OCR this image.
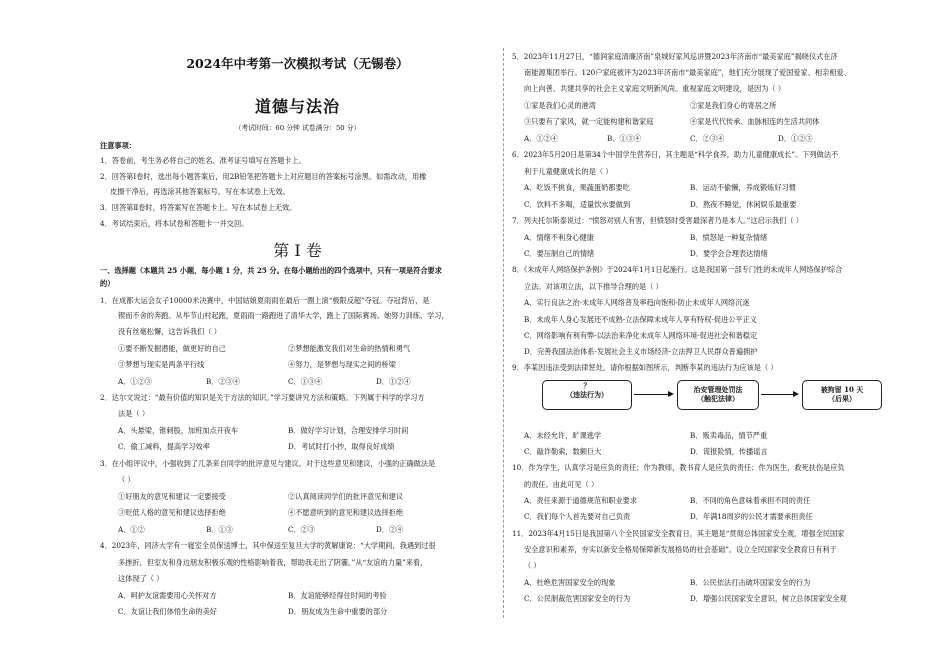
2024年中考第一次模拟考试（无锡卷）
道德与法治
（考试时间：60 分钟 试卷满分：50 分）
注意事项：
1．答卷前，考生务必将自己的姓名、准考证号填写在答题卡上。
2．回答第Ⅰ卷时，选出每小题答案后，用2B铅笔把答题卡上对应题目的答案标号涂黑。如需改动，用橡
皮擦干净后，再选涂其他答案标号。写在本试卷上无效。
3．回答第Ⅱ卷时，将答案写在答题卡上。写在本试卷上无效。
4．考试结束后，将本试卷和答题卡一并交回。
第 Ⅰ 卷
一、选择题（本题共 25 小题，每小题 1 分，共 25 分。在每小题给出的四个选项中，只有一项是符合要求
的）
1．在成都大运会女子10000米决赛中，中国姑娘夏雨雨在最后一圈上演“极限反超”夺冠。夺冠背后，是
锲而不舍的奔跑。从毕节山村起跑，夏雨雨一路跑进了清华大学，跑上了国际赛场。她努力训练、学习，
没有丝毫松懈，这告诉我们（ ）
①要不断发掘潜能，做更好的自己	②梦想能激发我们对生命的热情和勇气
③梦想与现实是两条平行线	④努力，是梦想与现实之间的桥梁
A．①②③	B．②③④	C．①③④	D．①②④
2．达尔文说过：“最有价值的知识是关于方法的知识。”学习要讲究方法和策略。下列属于科学的学习方
法是（ ）
A．头悬梁，锥刺股，加班加点开夜车	B．做好学习计划，合理安排学习时间
C．偷工减料，提高学习效率	D．考试时打小抄，取得良好成绩
3．在小组评议中，小强收到了几条来自同学的批评意见与建议。对于这些意见和建议，小强的正确做法是
（ ）
①好朋友的意见和建议一定要接受	②认真阅读同学们的批评意见和建议
③贬低人格的意见和建议选择拒绝	④不愿意听到的意见和建议选择拒绝
A．①②	B．①③	C．②③	D．②④
4．2023年，同济大学有一寝室全员保送博士，其中保送至复旦大学的黄解康说：“大学期间，我遇到过很
多挫折，但室友和身边朋友积极乐观的性格影响着我，帮助我走出了阴霾。”从“友谊的力量”来看，
这体现了（ ）
A．呵护友谊需要用心关怀对方	B．友谊能够经得住时间的考验
C．友谊让我们体悟生命的美好	D．朋友成为生命中重要的部分
5．2023年11月27日，“德润家庭清廉济南”泉城好家风巡讲暨2023年济南市“最美家庭”揭晓仪式在济
南能源集团举行。120户家庭被评为2023年济南市“最美家庭”，他们充分展现了爱国爱家、相亲相爱、
向上向善、共建共享的社会主义家庭文明新风尚。重视家庭文明建设，是因为（ ）
①家是我们心灵的港湾	②家是我们身心的寄居之所
③只要有了家风，就一定能构建和谐家庭	④家是代代传承、血脉相连的生活共同体
A．①②④	B．①③④	C．②③④	D．①②③
6．2023年5月20日是第34个中国学生营养日，其主题是“科学食养，助力儿童健康成长”。下列做法不
利于儿童健康成长的是（ ）
A．吃饭不挑食，果蔬蛋奶都要吃	B．运动不偷懒，养成锻炼好习惯
C．饮料不多喝，适量饮水要做到	D．熬夜不睡觉，休闲娱乐最重要
7．列夫托尔斯泰说过：“愤怒对别人有害，但愤怒时受害最深者乃是本人。”这启示我们（ ）
A．情绪不利身心健康	B．愤怒是一种复杂情绪
C．要压制自己的情绪	D．要学会合理表达情绪
8．《未成年人网络保护条例》于2024年1月1日起施行。这是我国第一部专门性的未成年人网络保护综合
立法。对该项立法，以下推导合理的是（ ）
A．实行良法之治-未成年人网络普及率趋向饱和-防止未成年人网络沉迷
B．未成年人身心发展还不成熟-立法保障未成年人享有特权-促进公平正义
C．网络影响有利有弊-以法治来净化未成年人网络环境-促进社会和谐稳定
D．完善我国法治体系-发展社会主义市场经济-立法捍卫人民群众普遍拥护
9．李某因违法受到法律惩处，请你根据如图所示，判断李某的违法行为应该是（ ）
？
（违法行为）
治安管理处罚法
（触犯法律）
被拘留 10 天
（后果）
A．未经允许，旷课逃学	B．贩卖毒品，情节严重
C．敲诈勒索，数额巨大	D．谎报险情，传播谣言
10．作为学生，认真学习是应负的责任；作为教师，教书育人是应负的责任；作为医生，救死扶伤是应负
的责任。由此可见（ ）
A．责任来源于道德规范和职业要求	B．不同的角色意味着承担不同的责任
C．我们每个人首先要对自己负责	D．年满18周岁的公民才需要承担责任
11．2023年4月15日是我国第八个全民国家安全教育日，其主题是“贯彻总体国家安全观，增强全民国家
安全意识和素养，夯实以新安全格局保障新发展格局的社会基础”。设立全民国家安全教育日有利于
（ ）
A．杜绝危害国家安全的现象	B．公民依法打击破坏国家安全的行为
C．公民制裁危害国家安全的行为	D．增强公民国家安全意识，树立总体国家安全观
